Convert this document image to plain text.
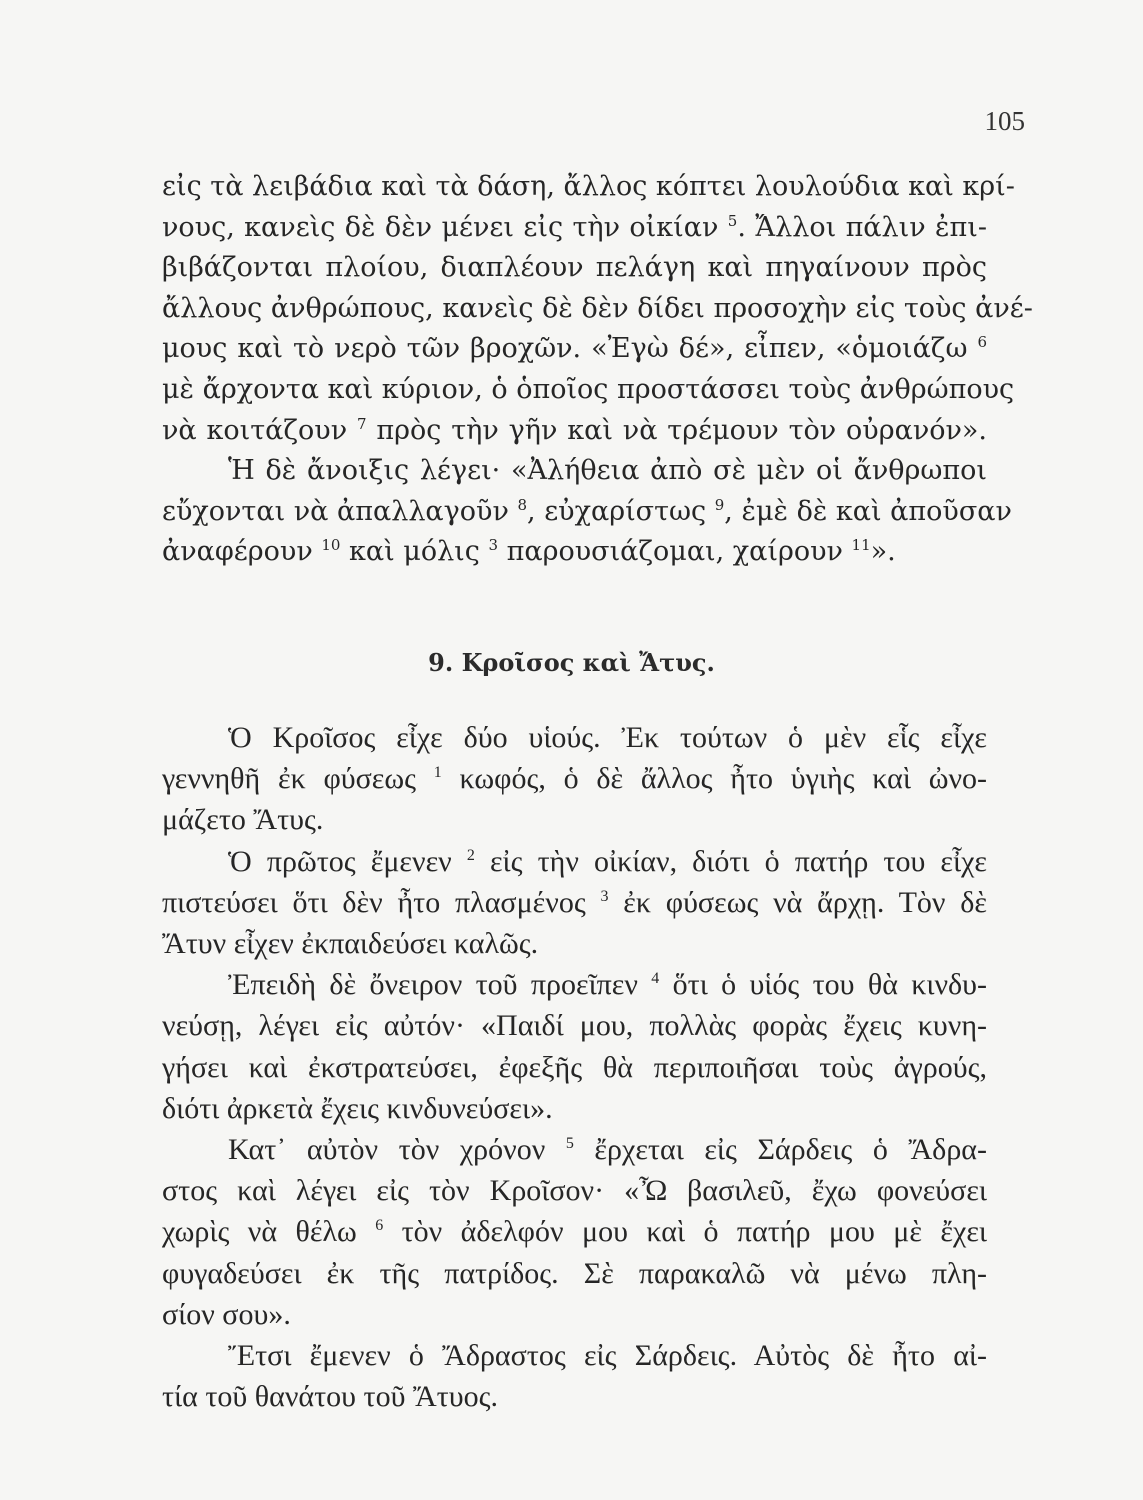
105
εἰς τὰ λειβάδια καὶ τὰ δάση, ἄλλος κόπτει λουλούδια καὶ κρί-
νους, κανεὶς δὲ δὲν μένει εἰς τὴν οἰκίαν $^5$. Ἄλλοι πάλιν ἐπι-
βιβάζονται πλοίου, διαπλέουν πελάγη καὶ πηγαίνουν πρὸς
ἄλλους ἀνθρώπους, κανεὶς δὲ δὲν δίδει προσοχὴν εἰς τοὺς ἀνέ-
μους καὶ τὸ νερὸ τῶν βροχῶν. «Ἐγὼ δέ», εἶπεν, «ὁμοιάζω $^6$
μὲ ἄρχοντα καὶ κύριον, ὁ ὁποῖος προστάσσει τοὺς ἀνθρώπους
νὰ κοιτάζουν $^7$ πρὸς τὴν γῆν καὶ νὰ τρέμουν τὸν οὐρανόν».
Ἡ δὲ ἄνοιξις λέγει· «Ἀλήθεια ἀπὸ σὲ μὲν οἱ ἄνθρωποι
εὔχονται νὰ ἀπαλλαγοῦν $^8$, εὐχαρίστως $^9$, ἐμὲ δὲ καὶ ἀποῦσαν
ἀναφέρουν $^{10}$ καὶ μόλις $^3$ παρουσιάζομαι, χαίρουν $^{11}$».
9. Κροῖσος καὶ Ἄτυς.
Ὁ Κροῖσος εἶχε δύο υἱούς. Ἐκ τούτων ὁ μὲν εἷς εἶχε
γεννηθῆ ἐκ φύσεως $^1$ κωφός, ὁ δὲ ἄλλος ἦτο ὑγιὴς καὶ ὠνο-
μάζετο Ἄτυς.
Ὁ πρῶτος ἔμενεν $^2$ εἰς τὴν οἰκίαν, διότι ὁ πατήρ του εἶχε
πιστεύσει ὅτι δὲν ἦτο πλασμένος $^3$ ἐκ φύσεως νὰ ἄρχῃ. Τὸν δὲ
Ἄτυν εἶχεν ἐκπαιδεύσει καλῶς.
Ἐπειδὴ δὲ ὄνειρον τοῦ προεῖπεν $^4$ ὅτι ὁ υἱός του θὰ κινδυ-
νεύσῃ, λέγει εἰς αὐτόν· «Παιδί μου, πολλὰς φορὰς ἔχεις κυνη-
γήσει καὶ ἐκστρατεύσει, ἐφεξῆς θὰ περιποιῆσαι τοὺς ἀγρούς,
διότι ἀρκετὰ ἔχεις κινδυνεύσει».
Κατ᾽ αὐτὸν τὸν χρόνον $^5$ ἔρχεται εἰς Σάρδεις ὁ Ἄδρα-
στος καὶ λέγει εἰς τὸν Κροῖσον· «Ὦ βασιλεῦ, ἔχω φονεύσει
χωρὶς νὰ θέλω $^6$ τὸν ἀδελφόν μου καὶ ὁ πατήρ μου μὲ ἔχει
φυγαδεύσει ἐκ τῆς πατρίδος. Σὲ παρακαλῶ νὰ μένω πλη-
σίον σου».
Ἔτσι ἔμενεν ὁ Ἄδραστος εἰς Σάρδεις. Αὐτὸς δὲ ἦτο αἰ-
τία τοῦ θανάτου τοῦ Ἄτυος.
